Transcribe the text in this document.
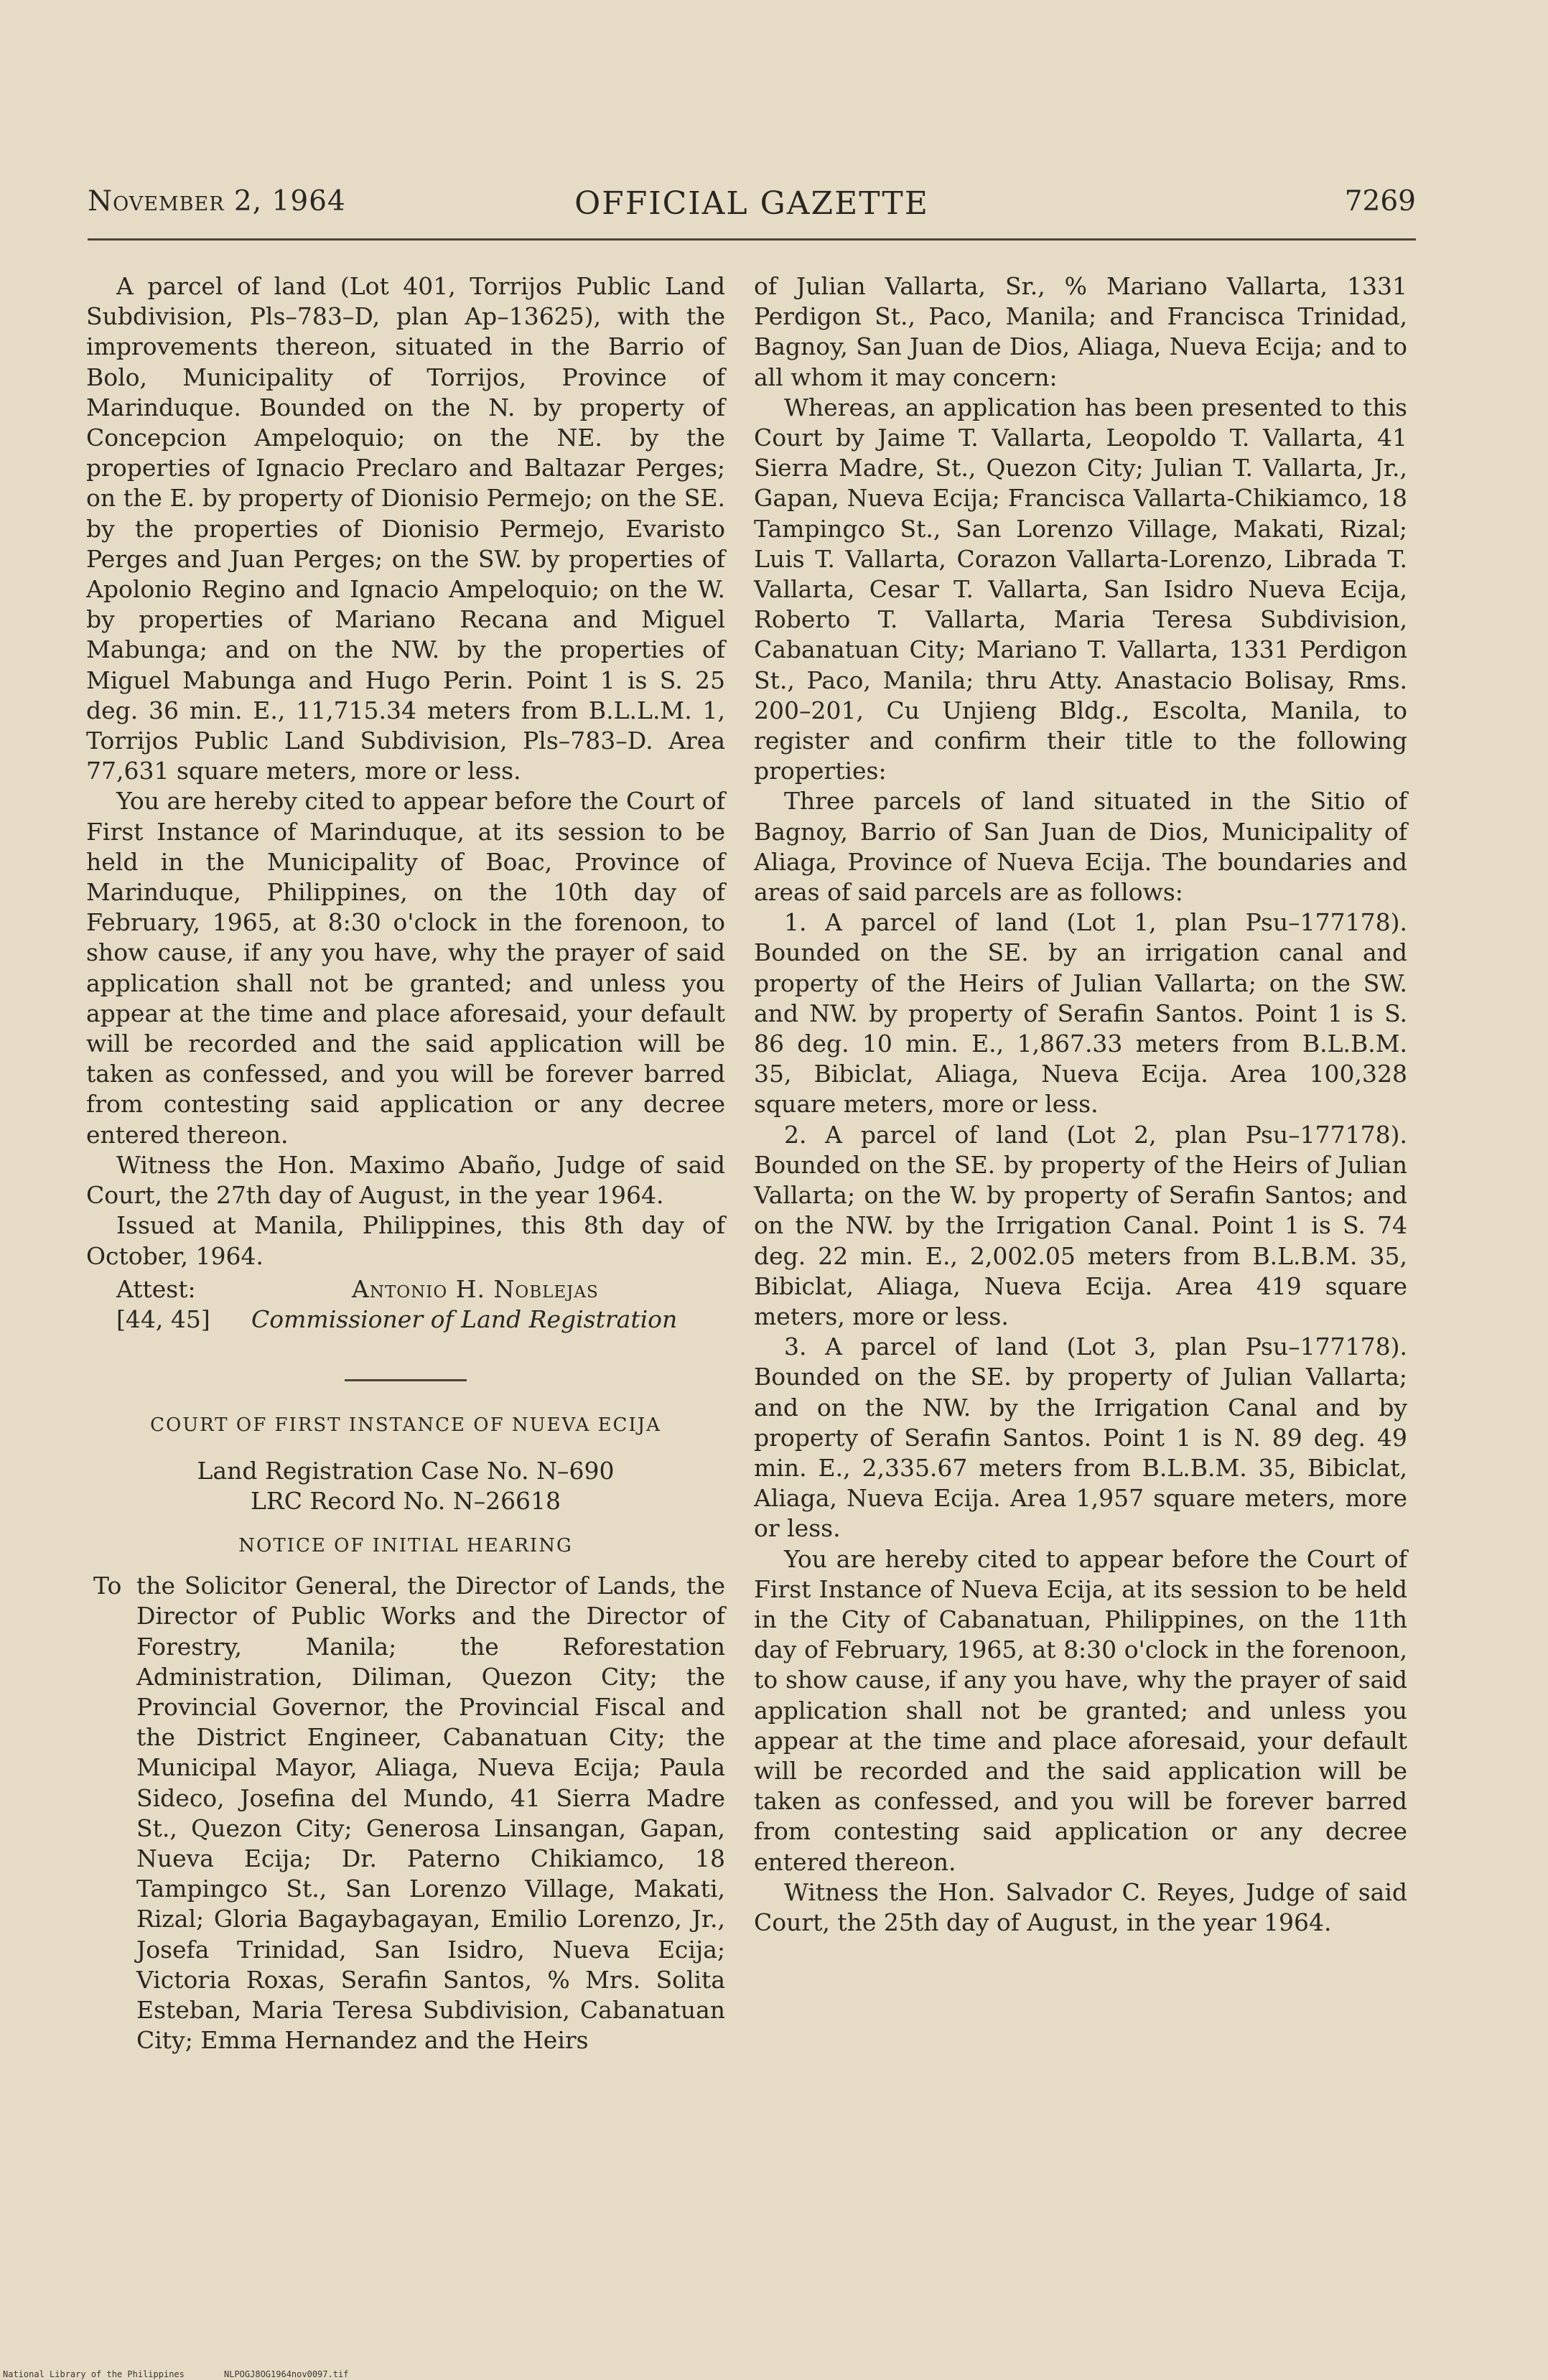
November 2, 1964	OFFICIAL GAZETTE	7269

A parcel of land (Lot 401, Torrijos Public Land Subdivision, Pls–783–D, plan Ap–13625), with the improvements thereon, situated in the Barrio of Bolo, Municipality of Torrijos, Province of Marinduque. Bounded on the N. by property of Concepcion Ampeloquio; on the NE. by the properties of Ignacio Preclaro and Baltazar Perges; on the E. by property of Dionisio Permejo; on the SE. by the properties of Dionisio Permejo, Evaristo Perges and Juan Perges; on the SW. by properties of Apolonio Regino and Ignacio Ampeloquio; on the W. by properties of Mariano Recana and Miguel Mabunga; and on the NW. by the properties of Miguel Mabunga and Hugo Perin. Point 1 is S. 25 deg. 36 min. E., 11,715.34 meters from B.L.L.M. 1, Torrijos Public Land Subdivision, Pls–783–D. Area 77,631 square meters, more or less.

You are hereby cited to appear before the Court of First Instance of Marinduque, at its session to be held in the Municipality of Boac, Province of Marinduque, Philippines, on the 10th day of February, 1965, at 8:30 o'clock in the forenoon, to show cause, if any you have, why the prayer of said application shall not be granted; and unless you appear at the time and place aforesaid, your default will be recorded and the said application will be taken as confessed, and you will be forever barred from contesting said application or any decree entered thereon.

Witness the Hon. Maximo Abaño, Judge of said Court, the 27th day of August, in the year 1964.

Issued at Manila, Philippines, this 8th day of October, 1964.

Attest:
[44, 45]
Antonio H. Noblejas
Commissioner of Land Registration
COURT OF FIRST INSTANCE OF NUEVA ECIJA
Land Registration Case No. N–690
LRC Record No. N–26618
NOTICE OF INITIAL HEARING
To the Solicitor General, the Director of Lands, the Director of Public Works and the Director of Forestry, Manila; the Reforestation Administration, Diliman, Quezon City; the Provincial Governor, the Provincial Fiscal and the District Engineer, Cabanatuan City; the Municipal Mayor, Aliaga, Nueva Ecija; Paula Sideco, Josefina del Mundo, 41 Sierra Madre St., Quezon City; Generosa Linsangan, Gapan, Nueva Ecija; Dr. Paterno Chikiamco, 18 Tampingco St., San Lorenzo Village, Makati, Rizal; Gloria Bagaybagayan, Emilio Lorenzo, Jr., Josefa Trinidad, San Isidro, Nueva Ecija; Victoria Roxas, Serafin Santos, % Mrs. Solita Esteban, Maria Teresa Subdivision, Cabanatuan City; Emma Hernandez and the Heirs

of Julian Vallarta, Sr., % Mariano Vallarta, 1331 Perdigon St., Paco, Manila; and Francisca Trinidad, Bagnoy, San Juan de Dios, Aliaga, Nueva Ecija; and to all whom it may concern:

Whereas, an application has been presented to this Court by Jaime T. Vallarta, Leopoldo T. Vallarta, 41 Sierra Madre, St., Quezon City; Julian T. Vallarta, Jr., Gapan, Nueva Ecija; Francisca Vallarta-Chikiamco, 18 Tampingco St., San Lorenzo Village, Makati, Rizal; Luis T. Vallarta, Corazon Vallarta-Lorenzo, Librada T. Vallarta, Cesar T. Vallarta, San Isidro Nueva Ecija, Roberto T. Vallarta, Maria Teresa Subdivision, Cabanatuan City; Mariano T. Vallarta, 1331 Perdigon St., Paco, Manila; thru Atty. Anastacio Bolisay, Rms. 200–201, Cu Unjieng Bldg., Escolta, Manila, to register and confirm their title to the following properties:

Three parcels of land situated in the Sitio of Bagnoy, Barrio of San Juan de Dios, Municipality of Aliaga, Province of Nueva Ecija. The boundaries and areas of said parcels are as follows:

1. A parcel of land (Lot 1, plan Psu–177178). Bounded on the SE. by an irrigation canal and property of the Heirs of Julian Vallarta; on the SW. and NW. by property of Serafin Santos. Point 1 is S. 86 deg. 10 min. E., 1,867.33 meters from B.L.B.M. 35, Bibiclat, Aliaga, Nueva Ecija. Area 100,328 square meters, more or less.

2. A parcel of land (Lot 2, plan Psu–177178). Bounded on the SE. by property of the Heirs of Julian Vallarta; on the W. by property of Serafin Santos; and on the NW. by the Irrigation Canal. Point 1 is S. 74 deg. 22 min. E., 2,002.05 meters from B.L.B.M. 35, Bibiclat, Aliaga, Nueva Ecija. Area 419 square meters, more or less.

3. A parcel of land (Lot 3, plan Psu–177178). Bounded on the SE. by property of Julian Vallarta; and on the NW. by the Irrigation Canal and by property of Serafin Santos. Point 1 is N. 89 deg. 49 min. E., 2,335.67 meters from B.L.B.M. 35, Bibiclat, Aliaga, Nueva Ecija. Area 1,957 square meters, more or less.

You are hereby cited to appear before the Court of First Instance of Nueva Ecija, at its session to be held in the City of Cabanatuan, Philippines, on the 11th day of February, 1965, at 8:30 o'clock in the forenoon, to show cause, if any you have, why the prayer of said application shall not be granted; and unless you appear at the time and place aforesaid, your default will be recorded and the said application will be taken as confessed, and you will be forever barred from contesting said application or any decree entered thereon.

Witness the Hon. Salvador C. Reyes, Judge of said Court, the 25th day of August, in the year 1964.

National Library of the Philippines	NLPOGJ8OG1964nov0097.tif
